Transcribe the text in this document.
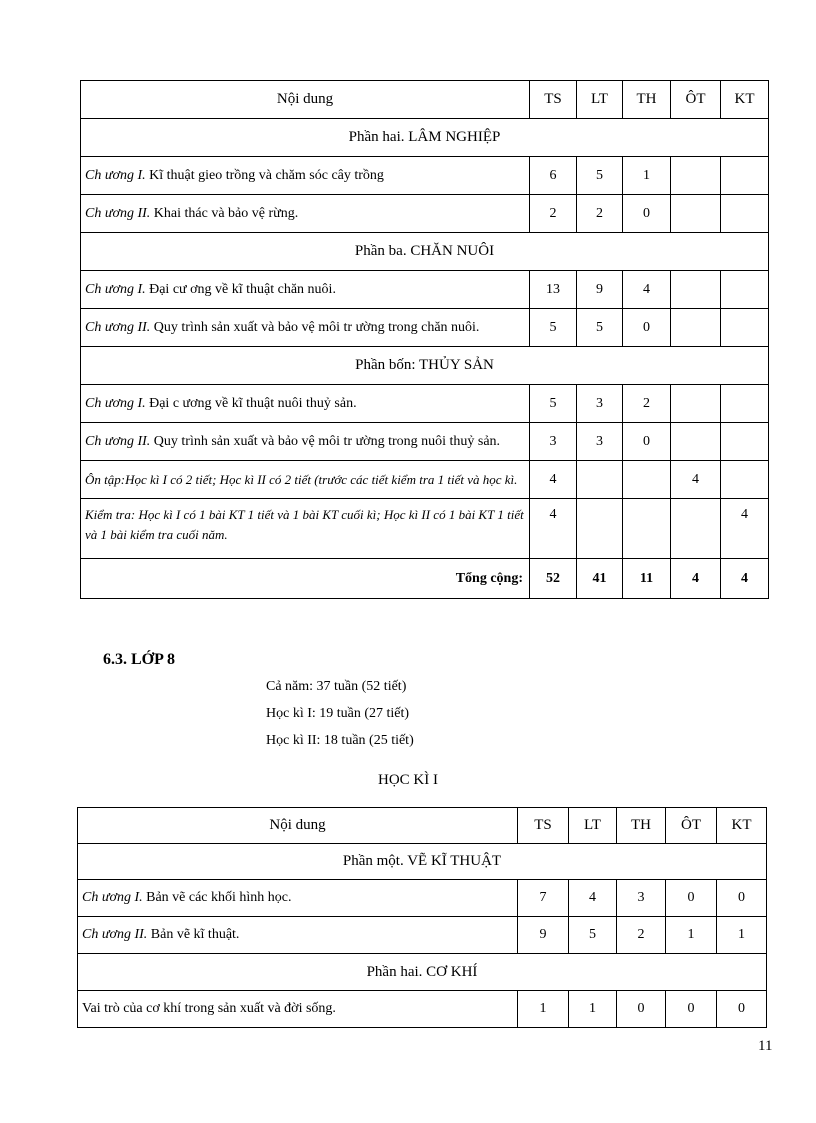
Nội dung	TS	LT	TH	ÔT	KT
Phần hai. LÂM NGHIỆP					
Ch ương I. Kĩ thuật gieo trồng và chăm sóc cây trồng	6	5	1		
Ch ương II. Khai thác và bảo vệ rừng.	2	2	0		
Phần ba. CHĂN NUÔI					
Ch ương I. Đại cư ơng về kĩ thuật chăn nuôi.	13	9	4		
Ch ương II. Quy trình sản xuất và bảo vệ môi tr ường trong chăn nuôi.	5	5	0		
Phần bốn: THỦY SẢN					
Ch ương I. Đại c ương về kĩ thuật nuôi thuỷ sản.	5	3	2		
Ch ương II. Quy trình sản xuất và bảo vệ môi tr ường trong nuôi thuỷ sản.	3	3	0		
Ôn tập:Học kì I có 2 tiết; Học kì II có 2 tiết (trước các tiết kiểm tra 1 tiết và học kì.	4			4	
Kiểm tra: Học kì I có 1 bài KT 1 tiết và 1 bài KT cuối kì; Học kì II có 1 bài KT 1 tiết và 1 bài kiểm tra cuối năm.	4				4
Tổng cộng:	52	41	11	4	4
6.3. LỚP 8
Cả năm: 37 tuần (52 tiết)
Học kì I: 19 tuần (27 tiết)
Học kì II: 18 tuần (25 tiết)
HỌC KÌ I
Nội dung	TS	LT	TH	ÔT	KT
Phần một. VẼ KĨ THUẬT					
Ch ương I. Bản vẽ các khối hình học.	7	4	3	0	0
Ch ương II. Bản vẽ kĩ thuật.	9	5	2	1	1
Phần hai. CƠ KHÍ					
Vai trò của cơ khí trong sản xuất và đời sống.	1	1	0	0	0
11
